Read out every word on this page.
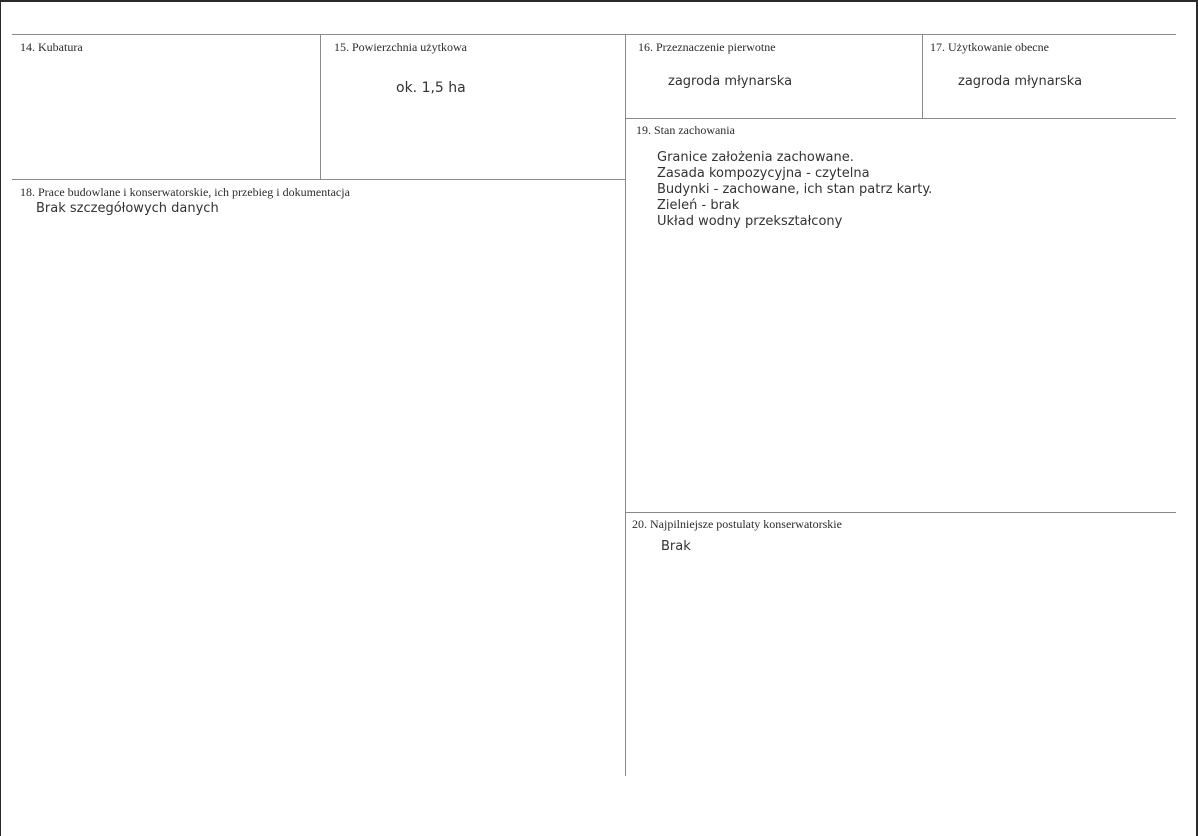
14. Kubatura	15. Powierzchnia użytkowa
ok. 1,5 ha
16. Przeznaczenie pierwotne
zagroda młynarska
17. Użytkowanie obecne
zagroda młynarska
18. Prace budowlane i konserwatorskie, ich przebieg i dokumentacja
Brak szczegółowych danych
19. Stan zachowania
Granice założenia zachowane.
Zasada kompozycyjna - czytelna
Budynki - zachowane, ich stan patrz karty.
Zieleń - brak
Układ wodny przekształcony
20. Najpilniejsze postulaty konserwatorskie
Brak
